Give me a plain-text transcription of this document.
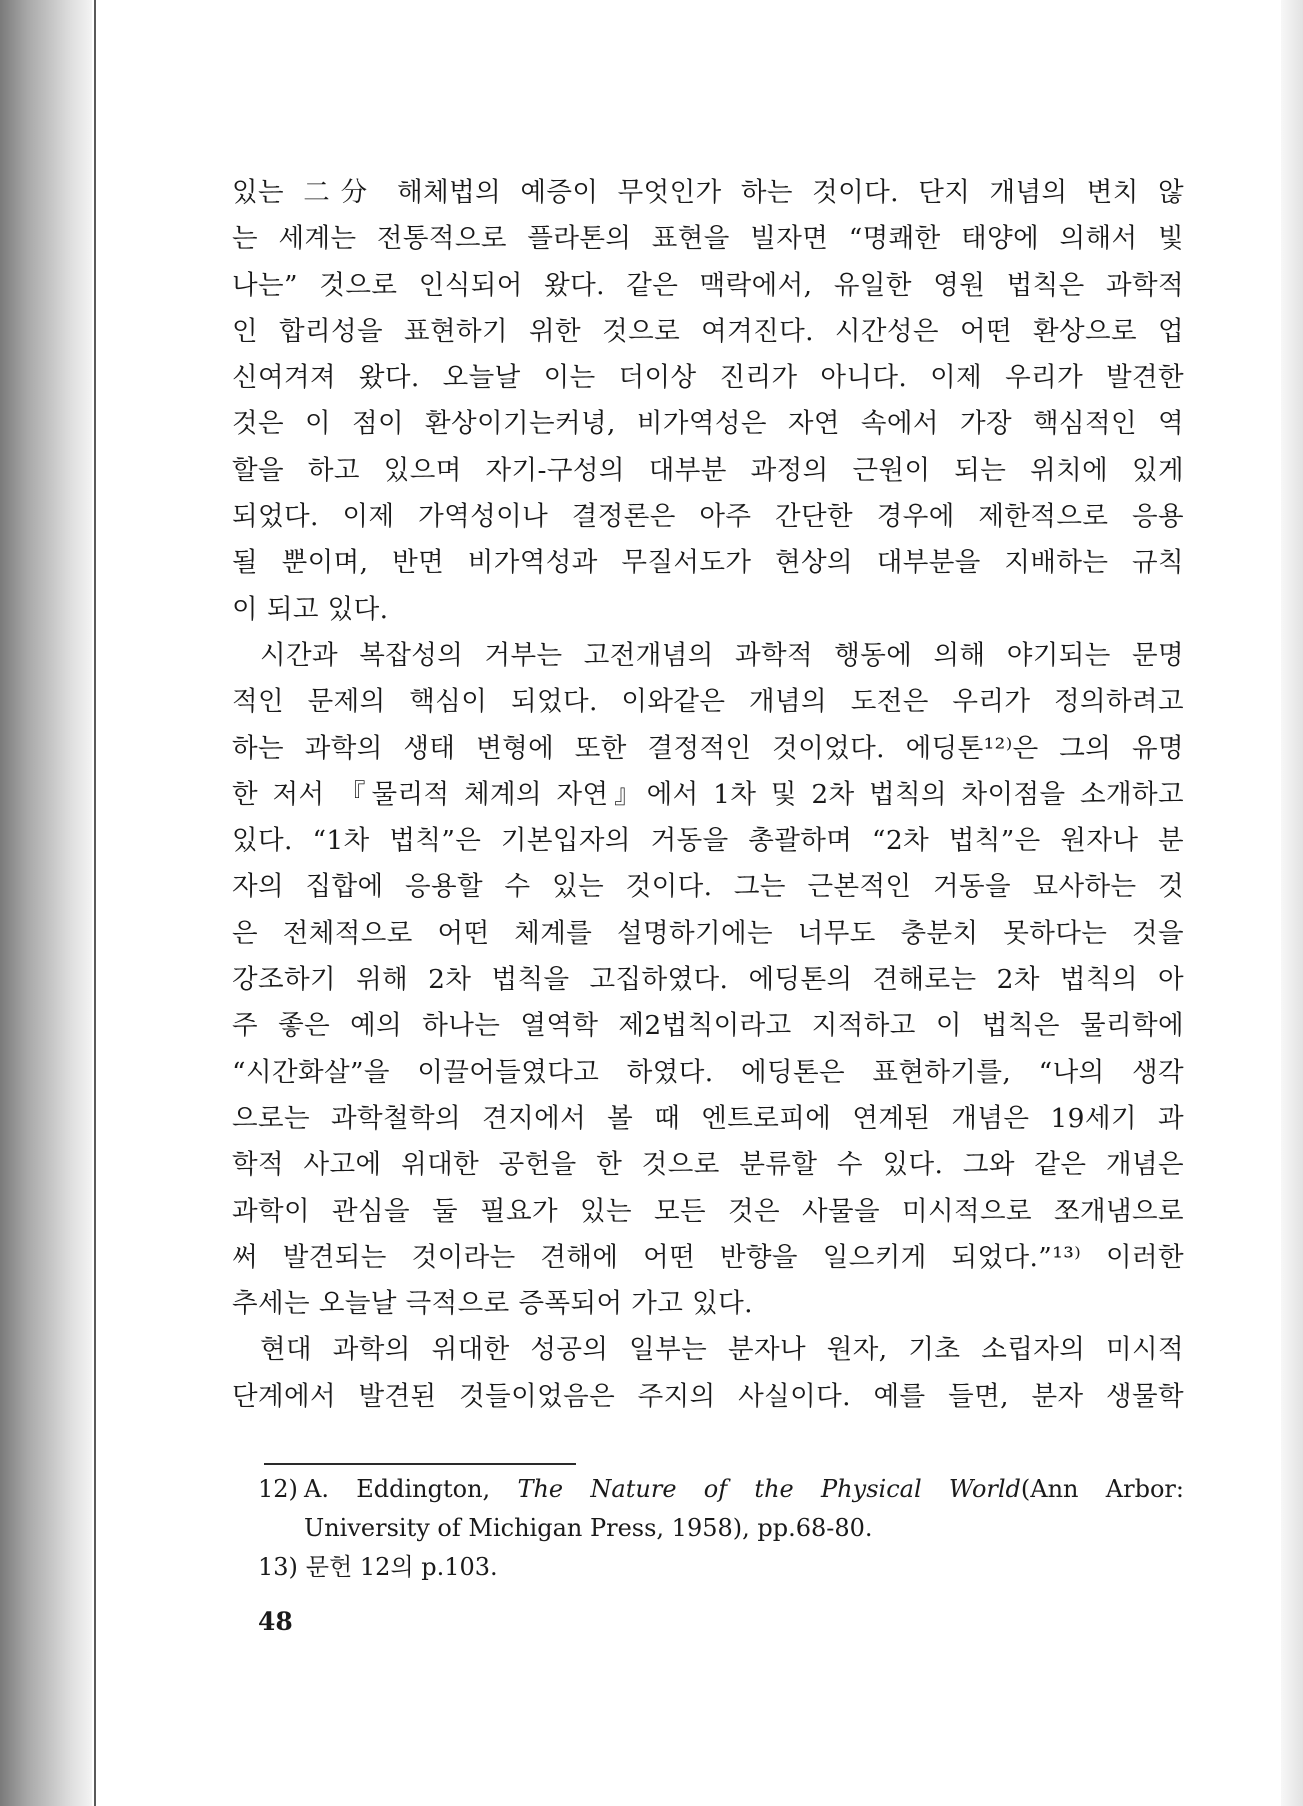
있는 二分 해체법의 예증이 무엇인가 하는 것이다. 단지 개념의 변치 않
는 세계는 전통적으로 플라톤의 표현을 빌자면 “명쾌한 태양에 의해서 빛
나는” 것으로 인식되어 왔다. 같은 맥락에서, 유일한 영원 법칙은 과학적
인 합리성을 표현하기 위한 것으로 여겨진다. 시간성은 어떤 환상으로 업
신여겨져 왔다. 오늘날 이는 더이상 진리가 아니다. 이제 우리가 발견한
것은 이 점이 환상이기는커녕, 비가역성은 자연 속에서 가장 핵심적인 역
할을 하고 있으며 자기-구성의 대부분 과정의 근원이 되는 위치에 있게
되었다. 이제 가역성이나 결정론은 아주 간단한 경우에 제한적으로 응용
될 뿐이며, 반면 비가역성과 무질서도가 현상의 대부분을 지배하는 규칙
이 되고 있다.
시간과 복잡성의 거부는 고전개념의 과학적 행동에 의해 야기되는 문명
적인 문제의 핵심이 되었다. 이와같은 개념의 도전은 우리가 정의하려고
하는 과학의 생태 변형에 또한 결정적인 것이었다. 에딩톤¹²⁾은 그의 유명
한 저서 『물리적 체계의 자연』에서 1차 및 2차 법칙의 차이점을 소개하고
있다. “1차 법칙”은 기본입자의 거동을 총괄하며 “2차 법칙”은 원자나 분
자의 집합에 응용할 수 있는 것이다. 그는 근본적인 거동을 묘사하는 것
은 전체적으로 어떤 체계를 설명하기에는 너무도 충분치 못하다는 것을
강조하기 위해 2차 법칙을 고집하였다. 에딩톤의 견해로는 2차 법칙의 아
주 좋은 예의 하나는 열역학 제2법칙이라고 지적하고 이 법칙은 물리학에
“시간화살”을 이끌어들였다고 하였다. 에딩톤은 표현하기를, “나의 생각
으로는 과학철학의 견지에서 볼 때 엔트로피에 연계된 개념은 19세기 과
학적 사고에 위대한 공헌을 한 것으로 분류할 수 있다. 그와 같은 개념은
과학이 관심을 둘 필요가 있는 모든 것은 사물을 미시적으로 쪼개냄으로
써 발견되는 것이라는 견해에 어떤 반향을 일으키게 되었다.”¹³⁾ 이러한
추세는 오늘날 극적으로 증폭되어 가고 있다.
현대 과학의 위대한 성공의 일부는 분자나 원자, 기초 소립자의 미시적
단계에서 발견된 것들이었음은 주지의 사실이다. 예를 들면, 분자 생물학
12) A. Eddington, The Nature of the Physical World(Ann Arbor:
University of Michigan Press, 1958), pp.68-80.
13) 문헌 12의 p.103.
48
